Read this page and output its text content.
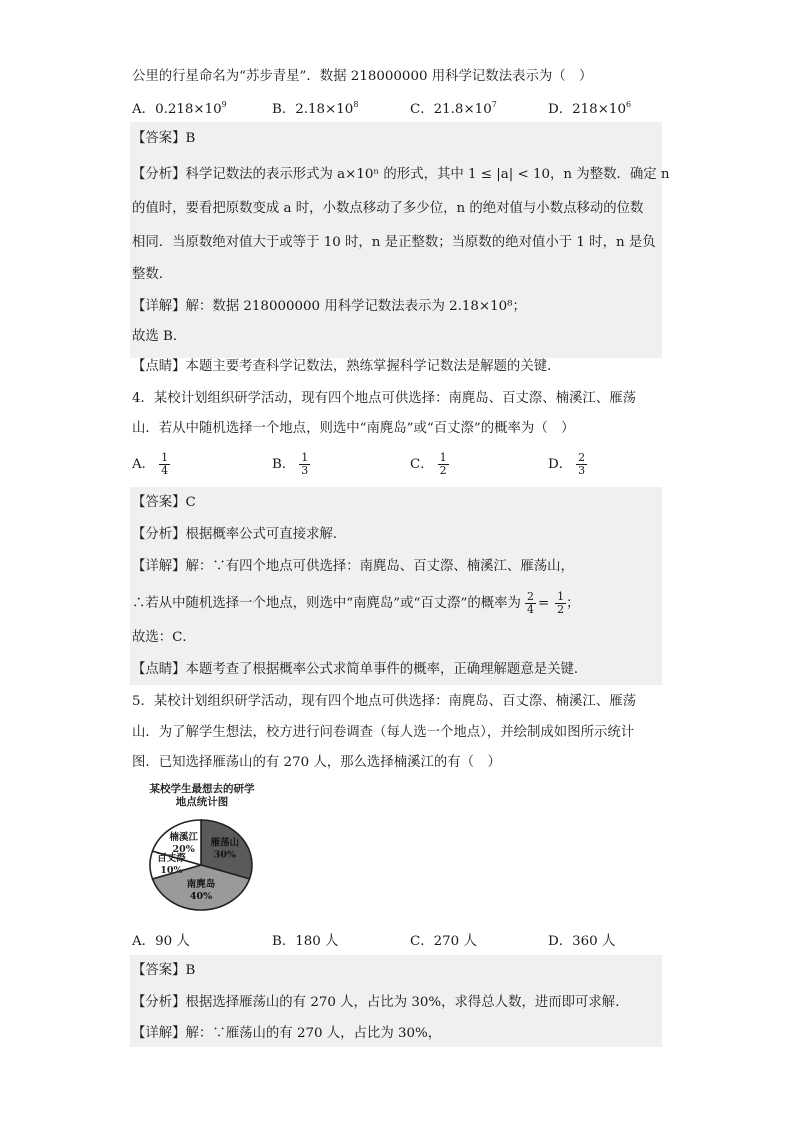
公里的行星命名为“苏步青星”．数据 218000000 用科学记数法表示为（　）
A．$0.218\times 10^9$	B．$2.18\times 10^8$	C．$21.8\times 10^7$	D．$218\times 10^6$
【答案】B
【分析】科学记数法的表示形式为 a×10ⁿ 的形式，其中 1 ≤ |a| < 10，n 为整数．确定 n
的值时，要看把原数变成 a 时，小数点移动了多少位，n 的绝对值与小数点移动的位数
相同．当原数绝对值大于或等于 10 时，n 是正整数；当原数的绝对值小于 1 时，n 是负
整数．
【详解】解：数据 218000000 用科学记数法表示为 2.18×10⁸；
故选 B．
【点睛】本题主要考查科学记数法，熟练掌握科学记数法是解题的关键．
4．某校计划组织研学活动，现有四个地点可供选择：南麂岛、百丈漈、楠溪江、雁荡
山．若从中随机选择一个地点，则选中“南麂岛”或“百丈漈”的概率为（　）
A． $\frac{1}{4}$	B． $\frac{1}{3}$	C． $\frac{1}{2}$	D． $\frac{2}{3}$
【答案】C
【分析】根据概率公式可直接求解．
【详解】解：∵有四个地点可供选择：南麂岛、百丈漈、楠溪江、雁荡山，
∴若从中随机选择一个地点，则选中“南麂岛”或“百丈漈”的概率为 $\frac{2}{4} = \frac{1}{2}$ ；
故选：C．
【点睛】本题考查了根据概率公式求简单事件的概率，正确理解题意是关键．
5．某校计划组织研学活动，现有四个地点可供选择：南麂岛、百丈漈、楠溪江、雁荡
山．为了解学生想法，校方进行问卷调查（每人选一个地点），并绘制成如图所示统计
图．已知选择雁荡山的有 270 人，那么选择楠溪江的有（　）
某校学生最想去的研学
地点统计图
雁荡山
30%
南麂岛
40%
百丈漈
10%
楠溪江
20%
A．90 人	B．180 人	C．270 人	D．360 人
【答案】B
【分析】根据选择雁荡山的有 270 人，占比为 30%，求得总人数，进而即可求解．
【详解】解：∵雁荡山的有 270 人，占比为 30%，
